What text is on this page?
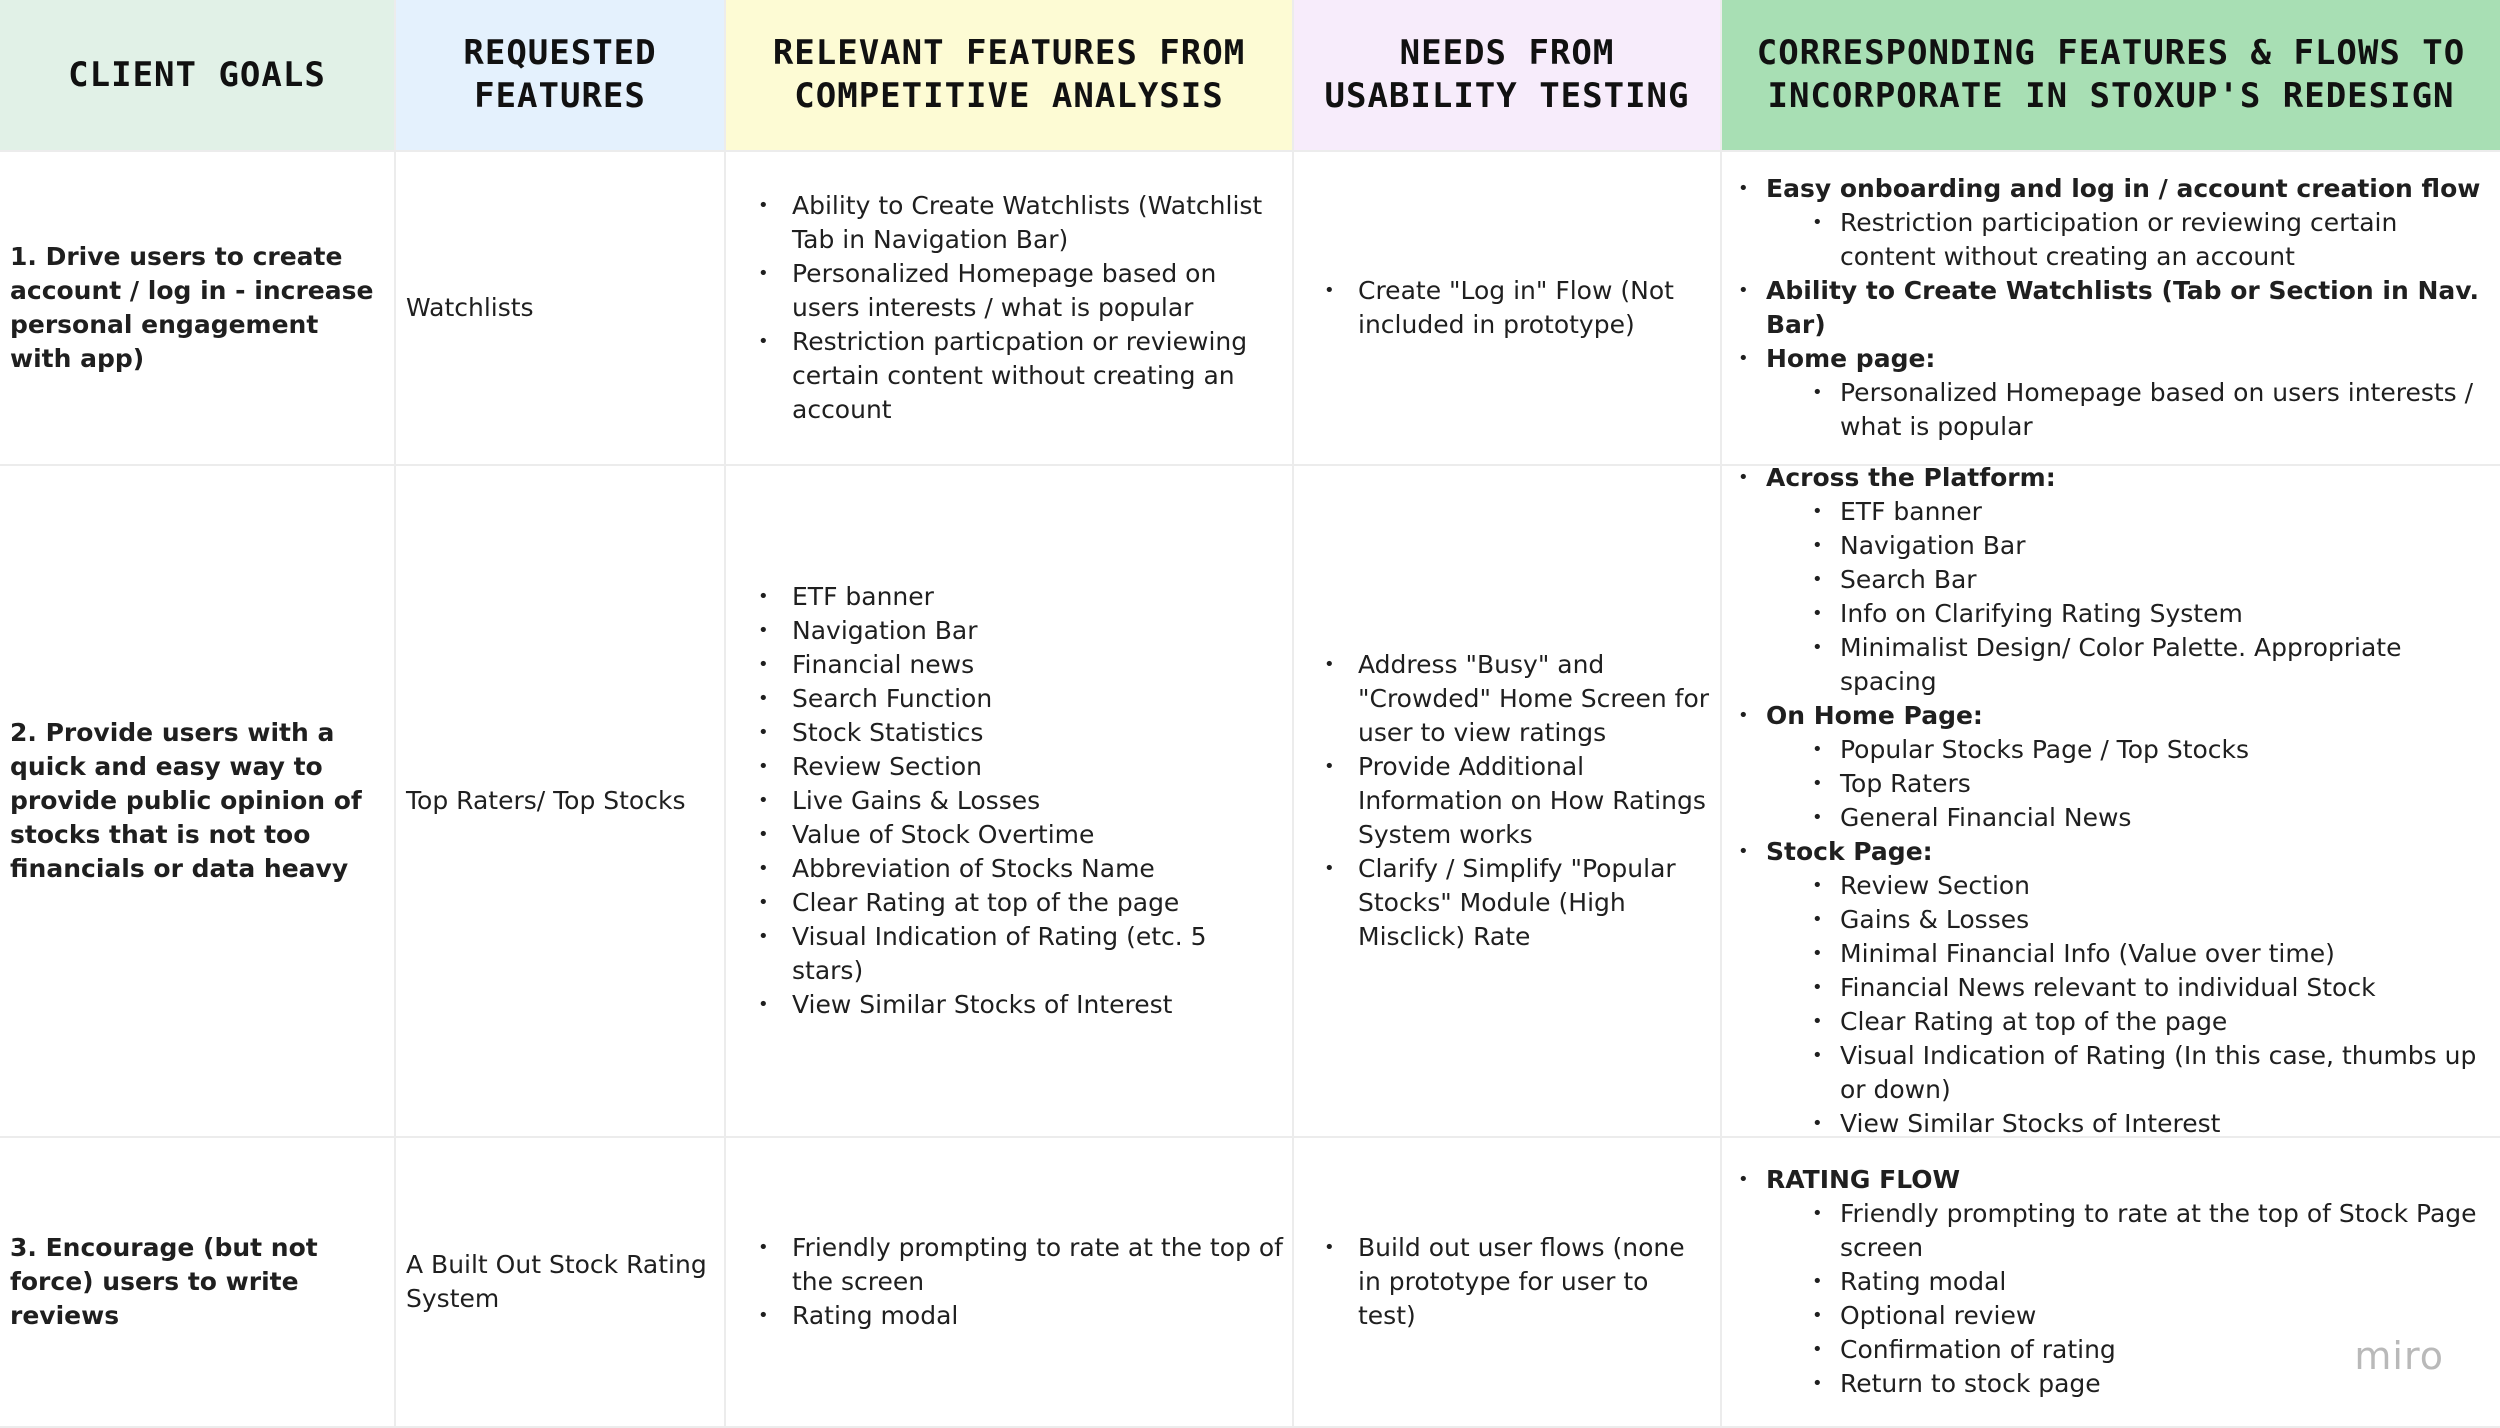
CLIENT GOALS
REQUESTED FEATURES
RELEVANT FEATURES FROM COMPETITIVE ANALYSIS
NEEDS FROM USABILITY TESTING
CORRESPONDING FEATURES & FLOWS TO INCORPORATE IN STOXUP'S REDESIGN
1. Drive users to create account / log in - increase personal engagement with app)
Watchlists
• Ability to Create Watchlists (Watchlist Tab in Navigation Bar)
• Personalized Homepage based on users interests / what is popular
• Restriction particpation or reviewing certain content without creating an account
• Create "Log in" Flow (Not included in prototype)
• Easy onboarding and log in / account creation flow
• Restriction participation or reviewing certain content without creating an account
• Ability to Create Watchlists (Tab or Section in Nav. Bar)
• Home page:
• Personalized Homepage based on users interests / what is popular
2. Provide users with a quick and easy way to provide public opinion of stocks that is not too financials or data heavy
Top Raters/ Top Stocks
• ETF banner
• Navigation Bar
• Financial news
• Search Function
• Stock Statistics
• Review Section
• Live Gains & Losses
• Value of Stock Overtime
• Abbreviation of Stocks Name
• Clear Rating at top of the page
• Visual Indication of Rating (etc. 5 stars)
• View Similar Stocks of Interest
• Address "Busy" and "Crowded" Home Screen for user to view ratings
• Provide Additional Information on How Ratings System works
• Clarify / Simplify "Popular Stocks" Module (High Misclick) Rate
• Across the Platform:
• ETF banner
• Navigation Bar
• Search Bar
• Info on Clarifying Rating System
• Minimalist Design/ Color Palette. Appropriate spacing
• On Home Page:
• Popular Stocks Page / Top Stocks
• Top Raters
• General Financial News
• Stock Page:
• Review Section
• Gains & Losses
• Minimal Financial Info (Value over time)
• Financial News relevant to individual Stock
• Clear Rating at top of the page
• Visual Indication of Rating (In this case, thumbs up or down)
• View Similar Stocks of Interest
3. Encourage (but not force) users to write reviews
A Built Out Stock Rating System
• Friendly prompting to rate at the top of the screen
• Rating modal
• Build out user flows (none in prototype for user to test)
• RATING FLOW
• Friendly prompting to rate at the top of Stock Page screen
• Rating modal
• Optional review
• Confirmation of rating
• Return to stock page
miro
